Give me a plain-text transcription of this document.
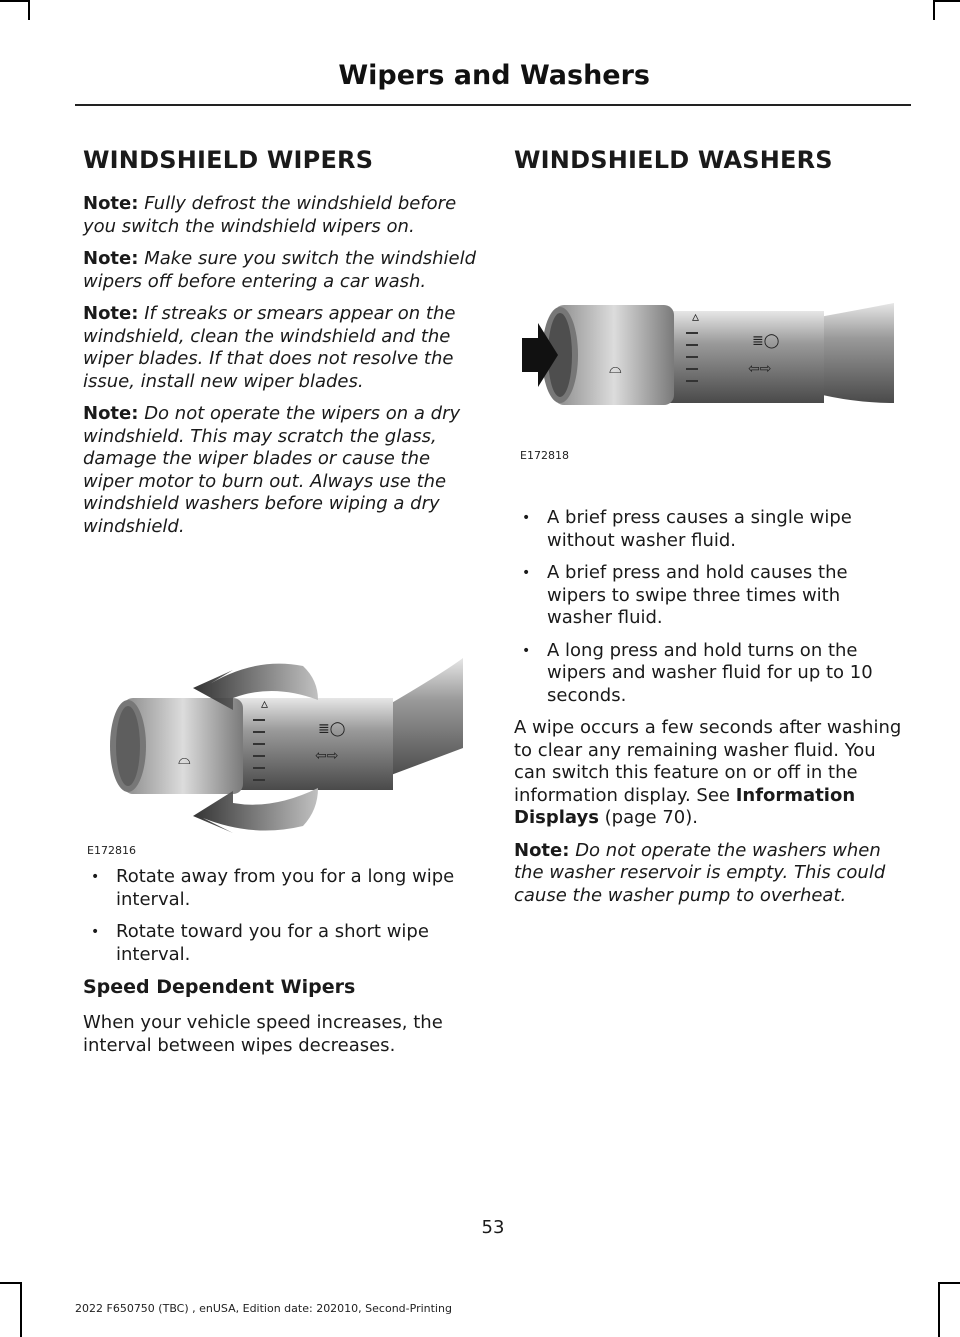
Wipers and Washers
WINDSHIELD WIPERS

Note: Fully defrost the windshield before you switch the windshield wipers on.

Note: Make sure you switch the windshield wipers off before entering a car wash.

Note: If streaks or smears appear on the windshield, clean the windshield and the wiper blades. If that does not resolve the issue, install new wiper blades.

Note: Do not operate the wipers on a dry windshield. This may scratch the glass, damage the wiper blades or cause the wiper motor to burn out. Always use the windshield washers before wiping a dry windshield.

⌓
▵
≣◯
⇦⇨
E172816
• Rotate away from you for a long wipe interval.
• Rotate toward you for a short wipe interval.
Speed Dependent Wipers

When your vehicle speed increases, the interval between wipes decreases.

WINDSHIELD WASHERS
⌓
▵
≣◯
⇦⇨
E172818
• A brief press causes a single wipe without washer fluid.
• A brief press and hold causes the wipers to swipe three times with washer fluid.
• A long press and hold turns on the wipers and washer fluid for up to 10 seconds.

A wipe occurs a few seconds after washing to clear any remaining washer fluid. You can switch this feature on or off in the information display. See Information Displays (page 70).

Note: Do not operate the washers when the washer reservoir is empty. This could cause the washer pump to overheat.

53
2022 F650750 (TBC) , enUSA, Edition date: 202010, Second-Printing
